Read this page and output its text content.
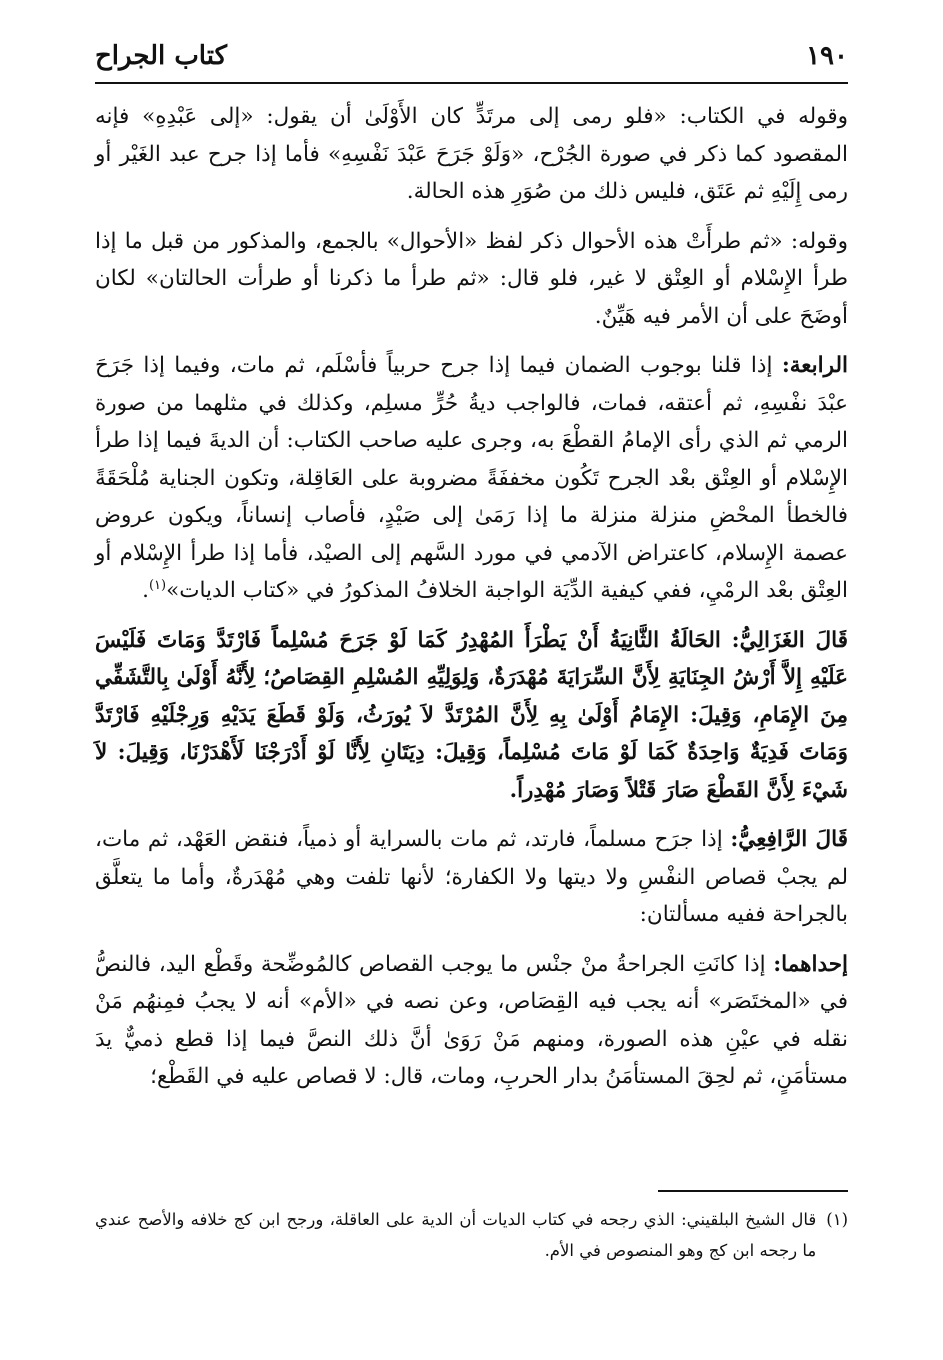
١٩٠
كتاب الجراح

وقوله في الكتاب: «فلو رمى إلى مرتَدٍّ كان الأَوْلَىٰ أن يقول: «إلى عَبْدِهِ» فإنه المقصود كما ذكر في صورة الجُرْح، «وَلَوْ جَرَحَ عَبْدَ نَفْسِهِ» فأما إذا جرح عبد الغَيْر أو رمى إِلَيْهِ ثم عَتَق، فليس ذلك من صُوَرِ هذه الحالة.

وقوله: «ثم طرأَتْ هذه الأحوال ذكر لفظ «الأحوال» بالجمع، والمذكور من قبل ما إذا طرأ الإِسْلام أو العِتْق لا غير، فلو قال: «ثم طرأ ما ذكرنا أو طرأت الحالتان» لكان أوضَحَ على أن الأمر فيه هَيِّنٌ.

الرابعة: إذا قلنا بوجوب الضمان فيما إذا جرح حربياً فأسْلَم، ثم مات، وفيما إذا جَرَحَ عبْدَ نفْسِهِ، ثم أعتقه، فمات، فالواجب ديةُ حُرٍّ مسلِم، وكذلك في مثلهما من صورة الرمي ثم الذي رأى الإمامُ القطْعَ به، وجرى عليه صاحب الكتاب: أن الديةَ فيما إذا طرأ الإِسْلام أو العِتْق بعْد الجرح تَكُون مخففَةً مضروبة على العَاقِلة، وتكون الجناية مُلْحَقَةً فالخطأ المحْضِ منزلة منزلة ما إذا رَمَىٰ إلى صَيْدٍ، فأصاب إنساناً، ويكون عروض عصمة الإِسلام، كاعتراض الآدمي في مورد السَّهم إلى الصيْد، فأما إذا طرأ الإِسْلام أو العِتْق بعْد الرمْيِ، ففي كيفية الدِّيَة الواجبة الخلافُ المذكورُ في «كتاب الديات»$^{(١)}$.

قَالَ الغَزَالِيُّ: الحَالَةُ الثَّانِيَةُ أَنْ يَطْرَأَ المُهْدِرُ كَمَا لَوْ جَرَحَ مُسْلِماً فَارْتَدَّ وَمَاتَ فَلَيْسَ عَلَيْهِ إِلاَّ أَرْشُ الجِنَايَةِ لِأَنَّ السِّرَايَةَ مُهْدَرَةٌ، وَلِوَلِيِّهِ المُسْلِمِ القِصَاصُ؛ لِأَنَّهُ أَوْلَىٰ بِالتَّشَفِّي مِنَ الإِمَامِ، وَقِيلَ: الإِمَامُ أَوْلَىٰ بِهِ لِأَنَّ المُرْتَدَّ لاَ يُورَثُ، وَلَوْ قَطَعَ يَدَيْهِ وَرِجْلَيْهِ فَارْتَدَّ وَمَاتَ فَدِيَةٌ وَاحِدَةٌ كَمَا لَوْ مَاتَ مُسْلِماً، وَقِيلَ: دِيَتَانِ لِأَنَّا لَوْ أَدْرَجْنَا لَأَهْدَرْنَا، وَقِيلَ: لاَ شَيْءَ لِأَنَّ القَطْعَ صَارَ قَتْلاً وَصَارَ مُهْدِراً.

قَالَ الرَّافِعِيُّ: إذا جرَح مسلماً، فارتد، ثم مات بالسراية أو ذمياً، فنقض العَهْد، ثم مات، لم يجبْ قصاص النفْسِ ولا ديتها ولا الكفارة؛ لأنها تلفت وهي مُهْدَرةٌ، وأما ما يتعلَّق بالجراحة ففيه مسألتان:

إحداهما: إذا كانَتِ الجراحةُ منْ جنْس ما يوجب القصاص كالمُوضِّحة وقَطْع اليد، فالنصُّ في «المختَصَر» أنه يجب فيه القِصَاص، وعن نصه في «الأم» أنه لا يجبُ فمِنهُم مَنْ نقله في عيْنِ هذه الصورة، ومنهم مَنْ رَوَىٰ أنَّ ذلك النصَّ فيما إذا قطع ذميٌّ يدَ مستأمَنٍ، ثم لحِقَ المستأمَنُ بدار الحربِ، ومات، قال: لا قصاص عليه في القَطْع؛

(١)
قال الشيخ البلقيني: الذي رجحه في كتاب الديات أن الدية على العاقلة، ورجح ابن كج خلافه والأصح عندي ما رجحه ابن كج وهو المنصوص في الأم.
